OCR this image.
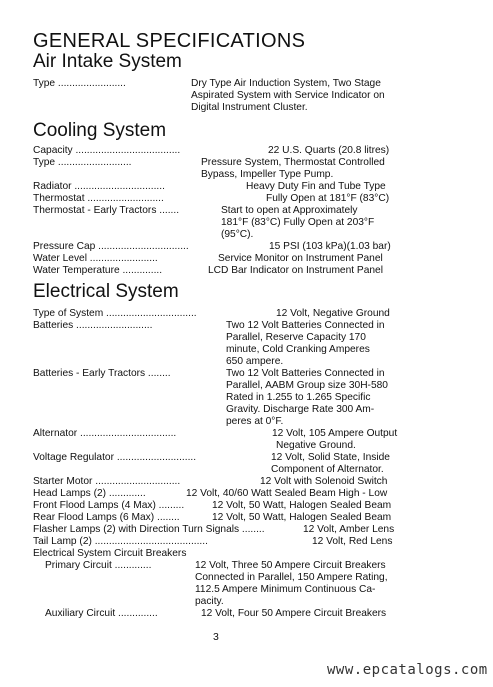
GENERAL SPECIFICATIONS
Air Intake System
Type ........................	Dry Type Air Induction System, Two Stage
Aspirated System with Service Indicator on
Digital Instrument Cluster.
Cooling System
Capacity .....................................	22 U.S. Quarts (20.8 litres)
Type ..........................	Pressure System, Thermostat Controlled
Bypass, Impeller Type Pump.
Radiator ................................	Heavy Duty Fin and Tube Type
Thermostat ...........................	Fully Open at 181°F (83°C)
Thermostat - Early Tractors .......	Start to open at Approximately
181°F (83°C) Fully Open at 203°F
(95°C).
Pressure Cap ................................	15 PSI (103 kPa)(1.03 bar)
Water Level ........................	Service Monitor on Instrument Panel
Water Temperature ..............	LCD Bar Indicator on Instrument Panel
Electrical System
Type of System ................................	12 Volt, Negative Ground
Batteries ...........................	Two 12 Volt Batteries Connected in
Parallel, Reserve Capacity 170
minute, Cold Cranking Amperes
650 ampere.
Batteries - Early Tractors ........	Two 12 Volt Batteries Connected in
Parallel, AABM Group size 30H-580
Rated in 1.255 to 1.265 Specific
Gravity. Discharge Rate 300 Am-
peres at 0°F.
Alternator ..................................	12 Volt, 105 Ampere Output
Negative Ground.
Voltage Regulator ............................	12 Volt, Solid State, Inside
Component of Alternator.
Starter Motor ..............................	12 Volt with Solenoid Switch
Head Lamps (2) .............	12 Volt, 40/60 Watt Sealed Beam High - Low
Front Flood Lamps (4 Max) .........	12 Volt, 50 Watt, Halogen Sealed Beam
Rear Flood Lamps (6 Max) ........	12 Volt, 50 Watt, Halogen Sealed Beam
Flasher Lamps (2) with Direction Turn Signals ........	12 Volt, Amber Lens
Tail Lamp (2) ........................................	12 Volt, Red Lens
Electrical System Circuit Breakers
Primary Circuit .............	12 Volt, Three 50 Ampere Circuit Breakers
Connected in Parallel, 150 Ampere Rating,
112.5 Ampere Minimum Continuous Ca-
pacity.
Auxiliary Circuit ..............	12 Volt, Four 50 Ampere Circuit Breakers
3
www.epcatalogs.com
